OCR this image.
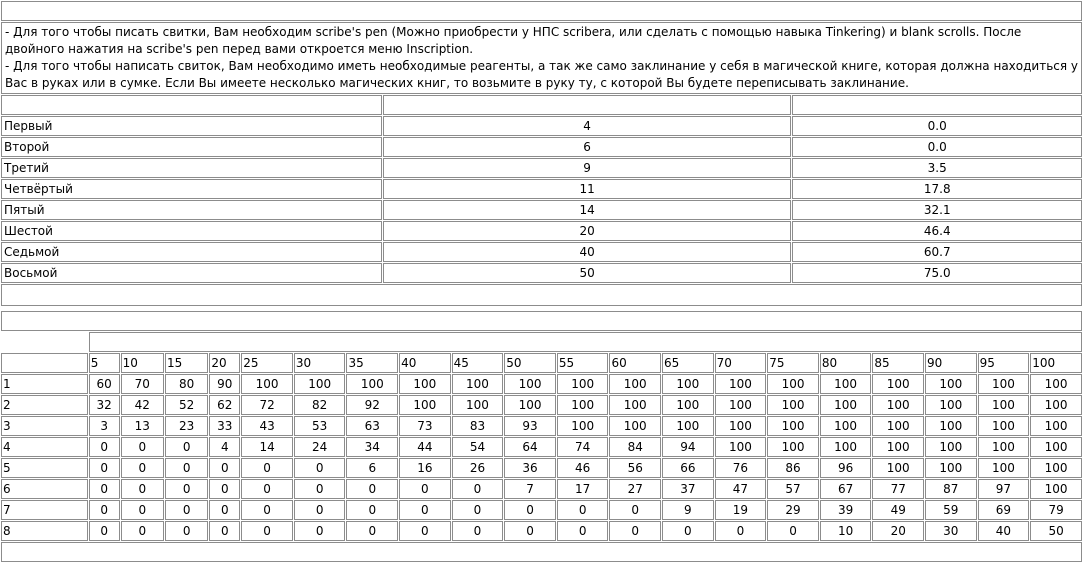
- Для того чтобы писать свитки, Вам необходим scribe's pen (Можно приобрести у НПС scribera, или сделать с помощью навыка Tinkering) и blank scrolls. После двойного нажатия на scribe's pen перед вами откроется меню Inscription.
- Для того чтобы написать свиток, Вам необходимо иметь необходимые реагенты, а так же само заклинание у себя в магической книге, которая должна находиться у Вас в руках или в сумке. Если Вы имеете несколько магических книг, то возьмите в руку ту, с которой Вы будете переписывать заклинание.		

Первый	4	0.0
Второй	6	0.0
Третий	9	3.5
Четвёртый	11	17.8
Пятый	14	32.1
Шестой	20	46.4
Седьмой	40	60.7
Восьмой	50	75.0

	5	10	15	20	25	30	35	40	45	50	55	60	65	70	75	80	85	90	95	100
1	60	70	80	90	100	100	100	100	100	100	100	100	100	100	100	100	100	100	100	100
2	32	42	52	62	72	82	92	100	100	100	100	100	100	100	100	100	100	100	100	100
3	3	13	23	33	43	53	63	73	83	93	100	100	100	100	100	100	100	100	100	100
4	0	0	0	4	14	24	34	44	54	64	74	84	94	100	100	100	100	100	100	100
5	0	0	0	0	0	0	6	16	26	36	46	56	66	76	86	96	100	100	100	100
6	0	0	0	0	0	0	0	0	0	7	17	27	37	47	57	67	77	87	97	100
7	0	0	0	0	0	0	0	0	0	0	0	0	9	19	29	39	49	59	69	79
8	0	0	0	0	0	0	0	0	0	0	0	0	0	0	0	10	20	30	40	50
